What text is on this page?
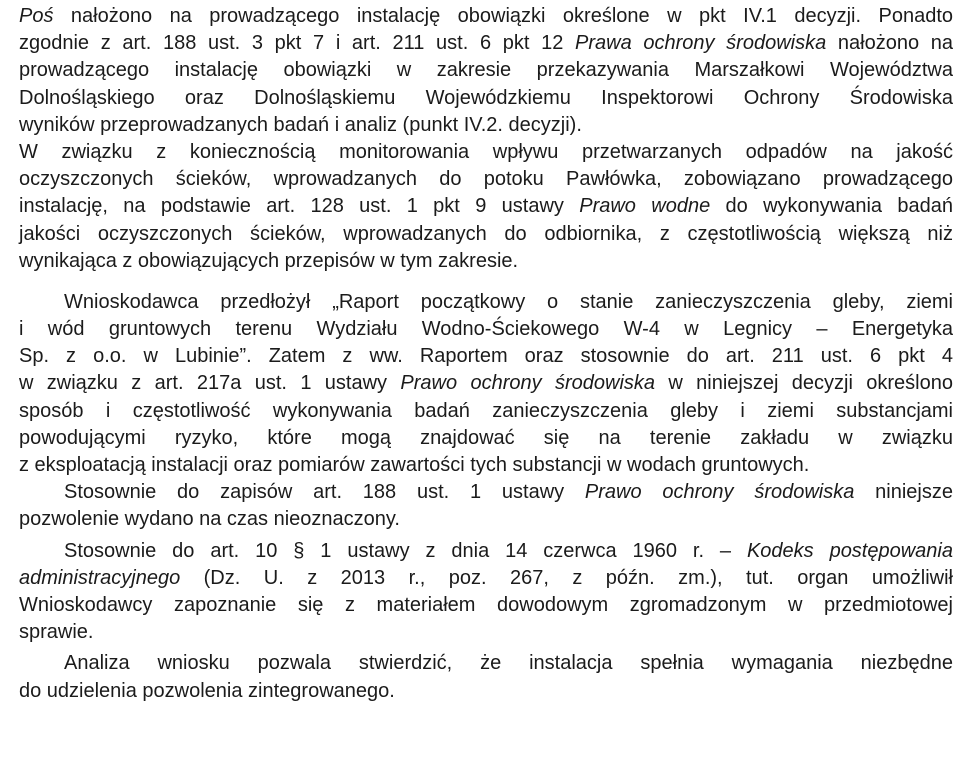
Poś nałożono na prowadzącego instalację obowiązki określone w pkt IV.1 decyzji. Ponadto
zgodnie z art. 188 ust. 3 pkt 7 i art. 211 ust. 6 pkt 12 Prawa ochrony środowiska nałożono na
prowadzącego instalację obowiązki w zakresie przekazywania Marszałkowi Województwa
Dolnośląskiego oraz Dolnośląskiemu Wojewódzkiemu Inspektorowi Ochrony Środowiska
wyników przeprowadzanych badań i analiz (punkt IV.2. decyzji).
W związku z koniecznością monitorowania wpływu przetwarzanych odpadów na jakość
oczyszczonych ścieków, wprowadzanych do potoku Pawłówka, zobowiązano prowadzącego
instalację, na podstawie art. 128 ust. 1 pkt 9 ustawy Prawo wodne do wykonywania badań
jakości oczyszczonych ścieków, wprowadzanych do odbiornika, z częstotliwością większą niż
wynikająca z obowiązujących przepisów w tym zakresie.
Wnioskodawca przedłożył „Raport początkowy o stanie zanieczyszczenia gleby, ziemi
i wód gruntowych terenu Wydziału Wodno-Ściekowego W-4 w Legnicy – Energetyka
Sp. z o.o. w Lubinie”. Zatem z ww. Raportem oraz stosownie do art. 211 ust. 6 pkt 4
w związku z art. 217a ust. 1 ustawy Prawo ochrony środowiska w niniejszej decyzji określono
sposób i częstotliwość wykonywania badań zanieczyszczenia gleby i ziemi substancjami
powodującymi ryzyko, które mogą znajdować się na terenie zakładu w związku
z eksploatacją instalacji oraz pomiarów zawartości tych substancji w wodach gruntowych.
Stosownie do zapisów art. 188 ust. 1 ustawy Prawo ochrony środowiska niniejsze
pozwolenie wydano na czas nieoznaczony.
Stosownie do art. 10 § 1 ustawy z dnia 14 czerwca 1960 r. – Kodeks postępowania
administracyjnego (Dz. U. z 2013 r., poz. 267, z późn. zm.), tut. organ umożliwił
Wnioskodawcy zapoznanie się z materiałem dowodowym zgromadzonym w przedmiotowej
sprawie.
Analiza wniosku pozwala stwierdzić, że instalacja spełnia wymagania niezbędne
do udzielenia pozwolenia zintegrowanego.
